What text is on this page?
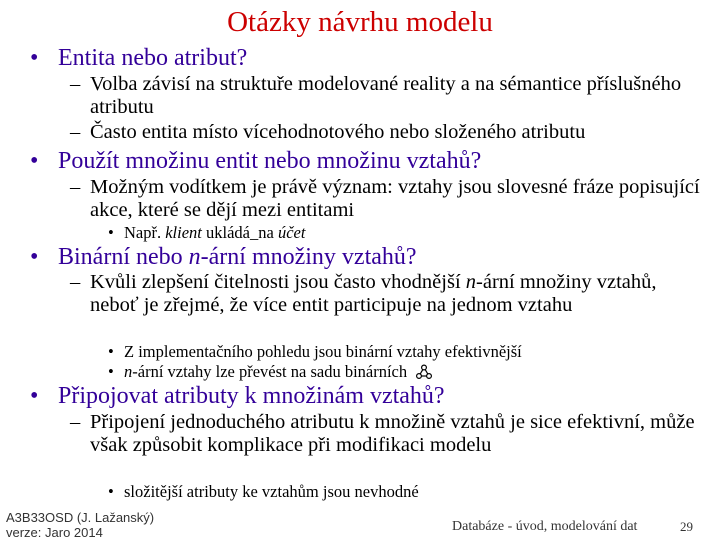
Otázky návrhu modelu
• Entita nebo atribut?
– Volba závisí na struktuře modelované reality a na sémantice příslušného atributu
– Často entita místo vícehodnotového nebo složeného atributu
• Použít množinu entit nebo množinu vztahů?
– Možným vodítkem je právě význam: vztahy jsou slovesné fráze popisující akce, které se dějí mezi entitami
• Např. klient ukládá_na účet
• Binární nebo n-ární množiny vztahů?
– Kvůli zlepšení čitelnosti jsou často vhodnější n-ární množiny vztahů, neboť je zřejmé, že více entit participuje na jednom vztahu
• Z implementačního pohledu jsou binární vztahy efektivnější
• n-ární vztahy lze převést na sadu binárních
• Připojovat atributy k množinám vztahů?
– Připojení jednoduchého atributu k množině vztahů je sice efektivní, může však způsobit komplikace při modifikaci modelu
• složitější atributy ke vztahům jsou nevhodné
A3B33OSD (J. Lažanský)
verze: Jaro 2014	Databáze - úvod, modelování dat	29
